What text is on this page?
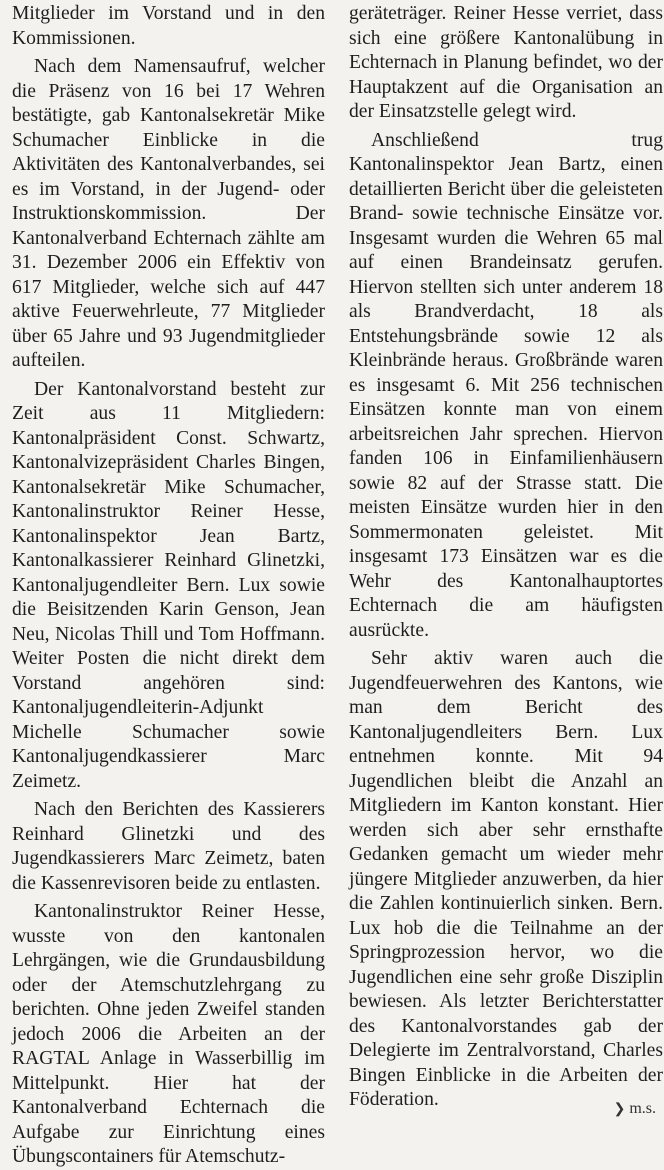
Mitglieder im Vorstand und in den Kommissionen.

Nach dem Namensaufruf, welcher die Präsenz von 16 bei 17 Wehren bestätigte, gab Kantonalsekretär Mike Schumacher Einblicke in die Aktivitäten des Kantonalverbandes, sei es im Vorstand, in der Jugend- oder Instruktionskommission. Der Kantonalverband Echternach zählte am 31. Dezember 2006 ein Effektiv von 617 Mitglieder, welche sich auf 447 aktive Feuerwehrleute, 77 Mitglieder über 65 Jahre und 93 Jugendmitglieder aufteilen.

Der Kantonalvorstand besteht zur Zeit aus 11 Mitgliedern: Kantonalpräsident Const. Schwartz, Kantonalvizepräsident Charles Bingen, Kantonalsekretär Mike Schumacher, Kantonalinstruktor Reiner Hesse, Kantonalinspektor Jean Bartz, Kantonalkassierer Reinhard Glinetzki, Kantonaljugendleiter Bern. Lux sowie die Beisitzenden Karin Genson, Jean Neu, Nicolas Thill und Tom Hoffmann. Weiter Posten die nicht direkt dem Vorstand angehören sind: Kantonaljugendleiterin-Adjunkt Michelle Schumacher sowie Kantonaljugendkassierer Marc Zeimetz.

Nach den Berichten des Kassierers Reinhard Glinetzki und des Jugendkassierers Marc Zeimetz, baten die Kassenrevisoren beide zu entlasten.

Kantonalinstruktor Reiner Hesse, wusste von den kantonalen Lehrgängen, wie die Grundausbildung oder der Atemschutzlehrgang zu berichten. Ohne jeden Zweifel standen jedoch 2006 die Arbeiten an der RAGTAL Anlage in Wasserbillig im Mittelpunkt. Hier hat der Kantonalverband Echternach die Aufgabe zur Einrichtung eines Übungscontainers für Atemschutz-

geräteträger. Reiner Hesse verriet, dass sich eine größere Kantonalübung in Echternach in Planung befindet, wo der Hauptakzent auf die Organisation an der Einsatzstelle gelegt wird.

Anschließend trug Kantonalinspektor Jean Bartz, einen detaillierten Bericht über die geleisteten Brand- sowie technische Einsätze vor. Insgesamt wurden die Wehren 65 mal auf einen Brandeinsatz gerufen. Hiervon stellten sich unter anderem 18 als Brandverdacht, 18 als Entstehungsbrände sowie 12 als Kleinbrände heraus. Großbrände waren es insgesamt 6. Mit 256 technischen Einsätzen konnte man von einem arbeitsreichen Jahr sprechen. Hiervon fanden 106 in Einfamilienhäusern sowie 82 auf der Strasse statt. Die meisten Einsätze wurden hier in den Sommermonaten geleistet. Mit insgesamt 173 Einsätzen war es die Wehr des Kantonalhauptortes Echternach die am häufigsten ausrückte.

Sehr aktiv waren auch die Jugendfeuerwehren des Kantons, wie man dem Bericht des Kantonaljugendleiters Bern. Lux entnehmen konnte. Mit 94 Jugendlichen bleibt die Anzahl an Mitgliedern im Kanton konstant. Hier werden sich aber sehr ernsthafte Gedanken gemacht um wieder mehr jüngere Mitglieder anzuwerben, da hier die Zahlen kontinuierlich sinken. Bern. Lux hob die die Teilnahme an der Springprozession hervor, wo die Jugendlichen eine sehr große Disziplin bewiesen. Als letzter Berichterstatter des Kantonalvorstandes gab der Delegierte im Zentralvorstand, Charles Bingen Einblicke in die Arbeiten der Föderation.	❯ m.s.
